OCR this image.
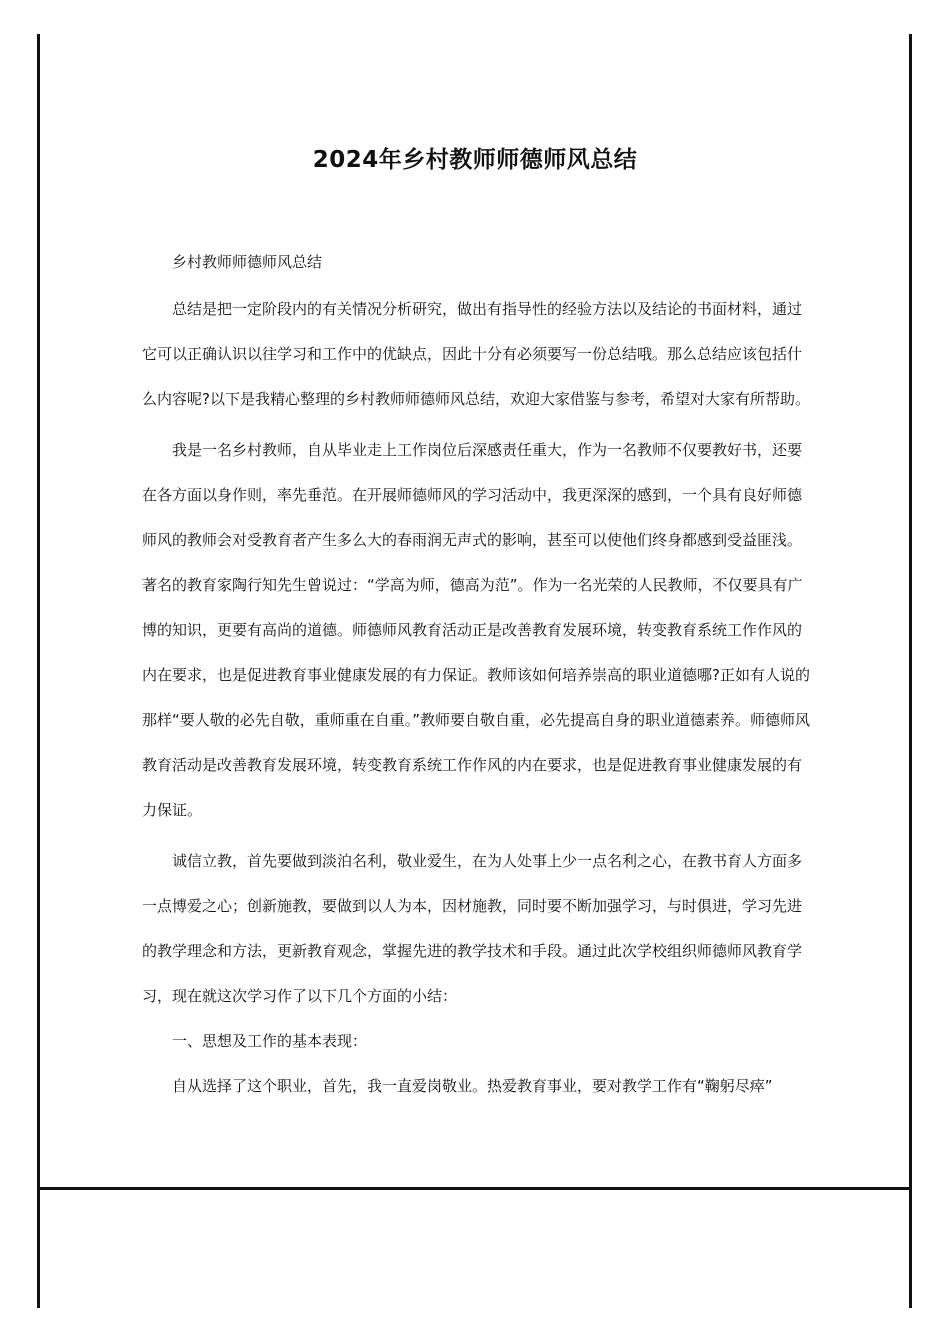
2024年乡村教师师德师风总结

乡村教师师德师风总结

总结是把一定阶段内的有关情况分析研究，做出有指导性的经验方法以及结论的书面材料，通过它可以正确认识以往学习和工作中的优缺点，因此十分有必须要写一份总结哦。那么总结应该包括什么内容呢?以下是我精心整理的乡村教师师德师风总结，欢迎大家借鉴与参考，希望对大家有所帮助。

我是一名乡村教师，自从毕业走上工作岗位后深感责任重大，作为一名教师不仅要教好书，还要在各方面以身作则，率先垂范。在开展师德师风的学习活动中，我更深深的感到，一个具有良好师德师风的教师会对受教育者产生多么大的春雨润无声式的影响，甚至可以使他们终身都感到受益匪浅。著名的教育家陶行知先生曾说过：“学高为师，德高为范”。作为一名光荣的人民教师，不仅要具有广博的知识，更要有高尚的道德。师德师风教育活动正是改善教育发展环境，转变教育系统工作作风的内在要求，也是促进教育事业健康发展的有力保证。教师该如何培养崇高的职业道德哪?正如有人说的那样“要人敬的必先自敬，重师重在自重。”教师要自敬自重，必先提高自身的职业道德素养。师德师风教育活动是改善教育发展环境，转变教育系统工作作风的内在要求，也是促进教育事业健康发展的有力保证。

诚信立教，首先要做到淡泊名利，敬业爱生，在为人处事上少一点名利之心，在教书育人方面多一点博爱之心；创新施教，要做到以人为本，因材施教，同时要不断加强学习，与时俱进，学习先进的教学理念和方法，更新教育观念，掌握先进的教学技术和手段。通过此次学校组织师德师风教育学习，现在就这次学习作了以下几个方面的小结：

一、思想及工作的基本表现：

自从选择了这个职业，首先，我一直爱岗敬业。热爱教育事业，要对教学工作有“鞠躬尽瘁”
